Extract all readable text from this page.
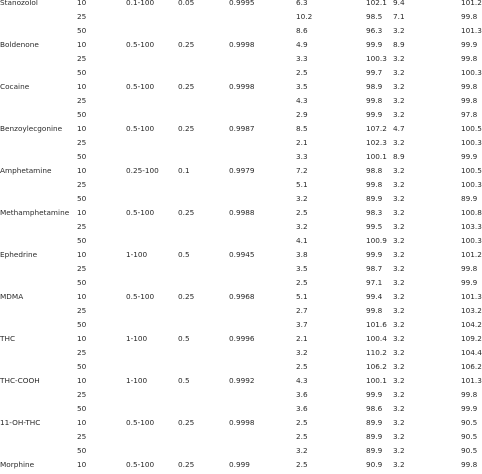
Stanozolol	10	0.1-100	0.05	0.9995	6.3	102.1 9.4	101.2
25	10.2	98.5 7.1	99.8
50	8.6	96.3 3.2	101.3
Boldenone	10	0.5-100	0.25	0.9998	4.9	99.9 8.9	99.9
25	3.3	100.3 3.2	99.8
50	2.5	99.7 3.2	100.3
Cocaine	10	0.5-100	0.25	0.9998	3.5	98.9 3.2	99.8
25	4.3	99.8 3.2	99.8
50	2.9	99.9 3.2	97.8
Benzoylecgonine 10	0.5-100	0.25	0.9987	8.5	107.2 4.7	100.5
25	2.1	102.3 3.2	100.3
50	3.3	100.1 8.9	99.9
Amphetamine	10	0.25-100	0.1	0.9979	7.2	98.8 3.2	100.5
25	5.1	99.8 3.2	100.3
50	3.2	89.9 3.2	89.9
Methamphetamine 10	0.5-100	0.25	0.9988	2.5	98.3 3.2	100.8
25	3.2	99.5 3.2	103.3
50	4.1	100.9 3.2	100.3
Ephedrine	10	1-100	0.5	0.9945	3.8	99.9 3.2	101.2
25	3.5	98.7 3.2	99.8
50	2.5	97.1 3.2	99.9
MDMA	10	0.5-100	0.25	0.9968	5.1	99.4 3.2	101.3
25	2.7	99.8 3.2	103.2
50	3.7	101.6 3.2	104.2
THC	10	1-100	0.5	0.9996	2.1	100.4 3.2	109.2
25	3.2	110.2 3.2	104.4
50	2.5	106.2 3.2	106.2
THC-COOH	10	1-100	0.5	0.9992	4.3	100.1 3.2	101.3
25	3.6	99.9 3.2	99.8
50	3.6	98.6 3.2	99.9
11-OH-THC	10	0.5-100	0.25	0.9998	2.5	89.9 3.2	90.5
25	2.5	89.9 3.2	90.5
50	3.2	89.9 3.2	90.5
Morphine	10	0.5-100	0.25	0.999	2.5	90.9 3.2	99.8
